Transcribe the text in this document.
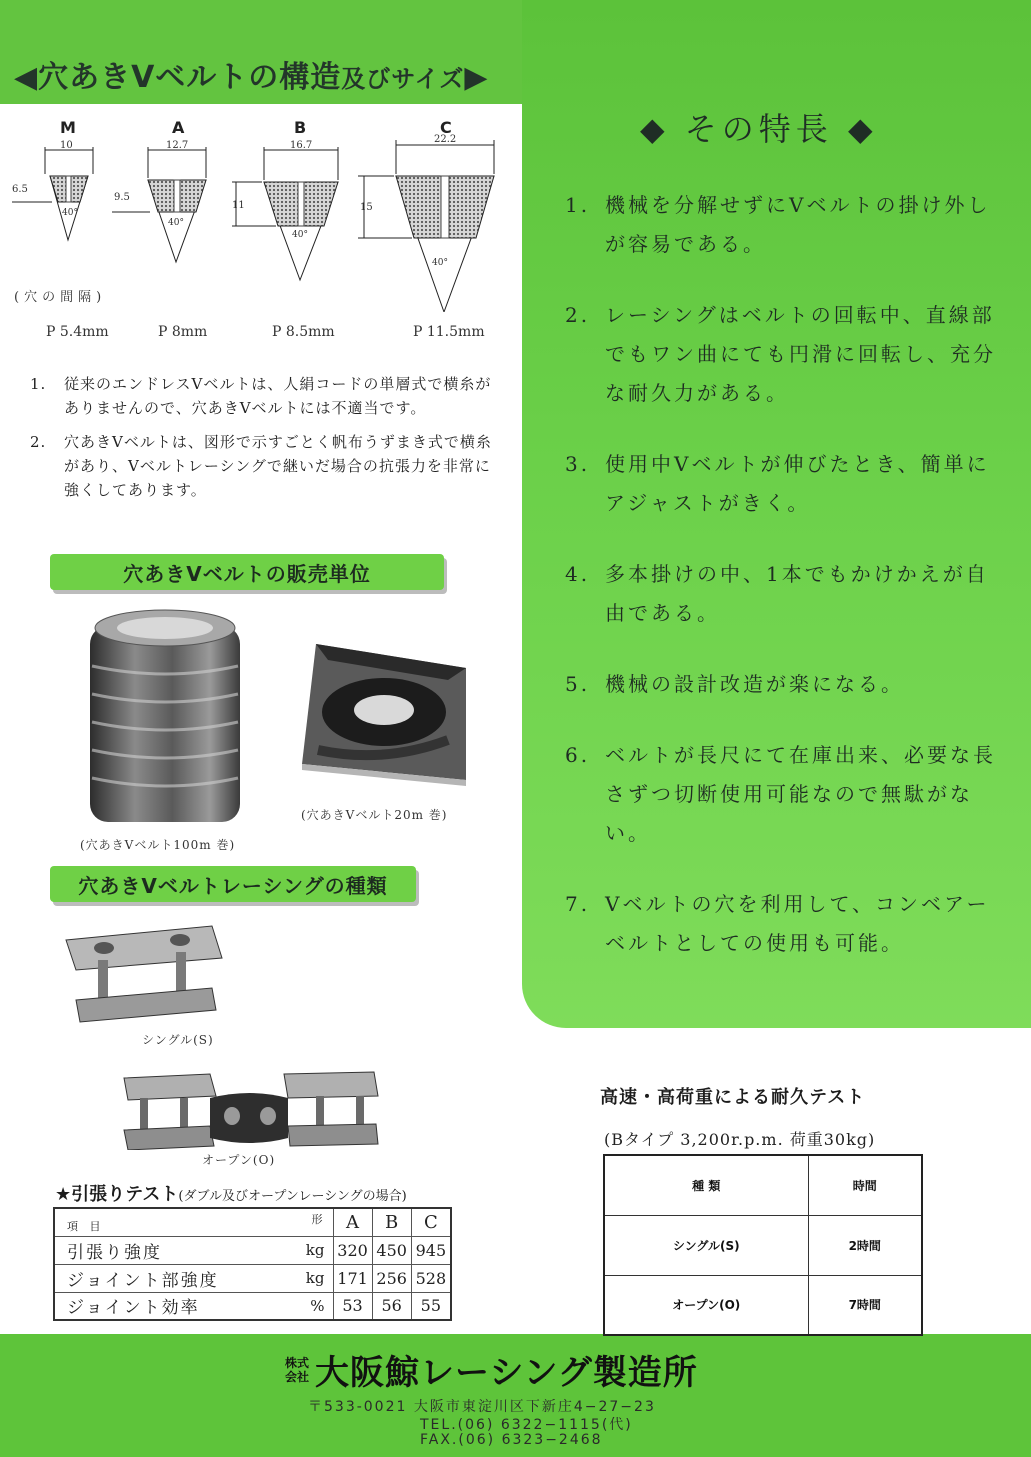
◀穴あきVベルトの構造及びサイズ▶
M	A	B	C
10	12.7	16.7
22.2
6.5
9.5
11	15
40°
40°
40°
40°
(穴の間隔)
P 5.4mm	P 8mm	P 8.5mm	P 11.5mm
1.	従来のエンドレスVベルトは、人絹コードの単層式で横糸がありませんので、穴あきVベルトには不適当です。
2.	穴あきVベルトは、図形で示すごとく帆布うずまき式で横糸があり、Vベルトレーシングで継いだ場合の抗張力を非常に強くしてあります。
穴あきVベルトの販売単位
(穴あきVベルト100m 巻)
(穴あきVベルト20m 巻)
穴あきVベルトレーシングの種類
シングル(S)
オープン(O)
◆ その特長 ◆
1. 機械を分解せずにVベルトの掛け外しが容易である。
2. レーシングはベルトの回転中、直線部でもワン曲にても円滑に回転し、充分な耐久力がある。
3. 使用中Vベルトが伸びたとき、簡単にアジャストがきく。
4. 多本掛けの中、1本でもかけかえが自由である。
5. 機械の設計改造が楽になる。
6. ベルトが長尺にて在庫出来、必要な長さずつ切断使用可能なので無駄がない。
7. Vベルトの穴を利用して、コンベアーベルトとしての使用も可能。
★引張りテスト(ダブル及びオープンレーシングの場合)
項 目 形		A	B	C
引張り強度	kg	320	450	945
ジョイント部強度	kg	171	256	528
ジョイント効率	%	53	56	55
高速・高荷重による耐久テスト
(Bタイプ 3,200r.p.m. 荷重30kg)
種 類	時間
シングル(S)	2時間
オープン(O)	7時間
株式
会社 大阪鯨レーシング製造所
〒533-0021 大阪市東淀川区下新庄4−27−23
TEL.(06) 6322−1115(代)
FAX.(06) 6323−2468
